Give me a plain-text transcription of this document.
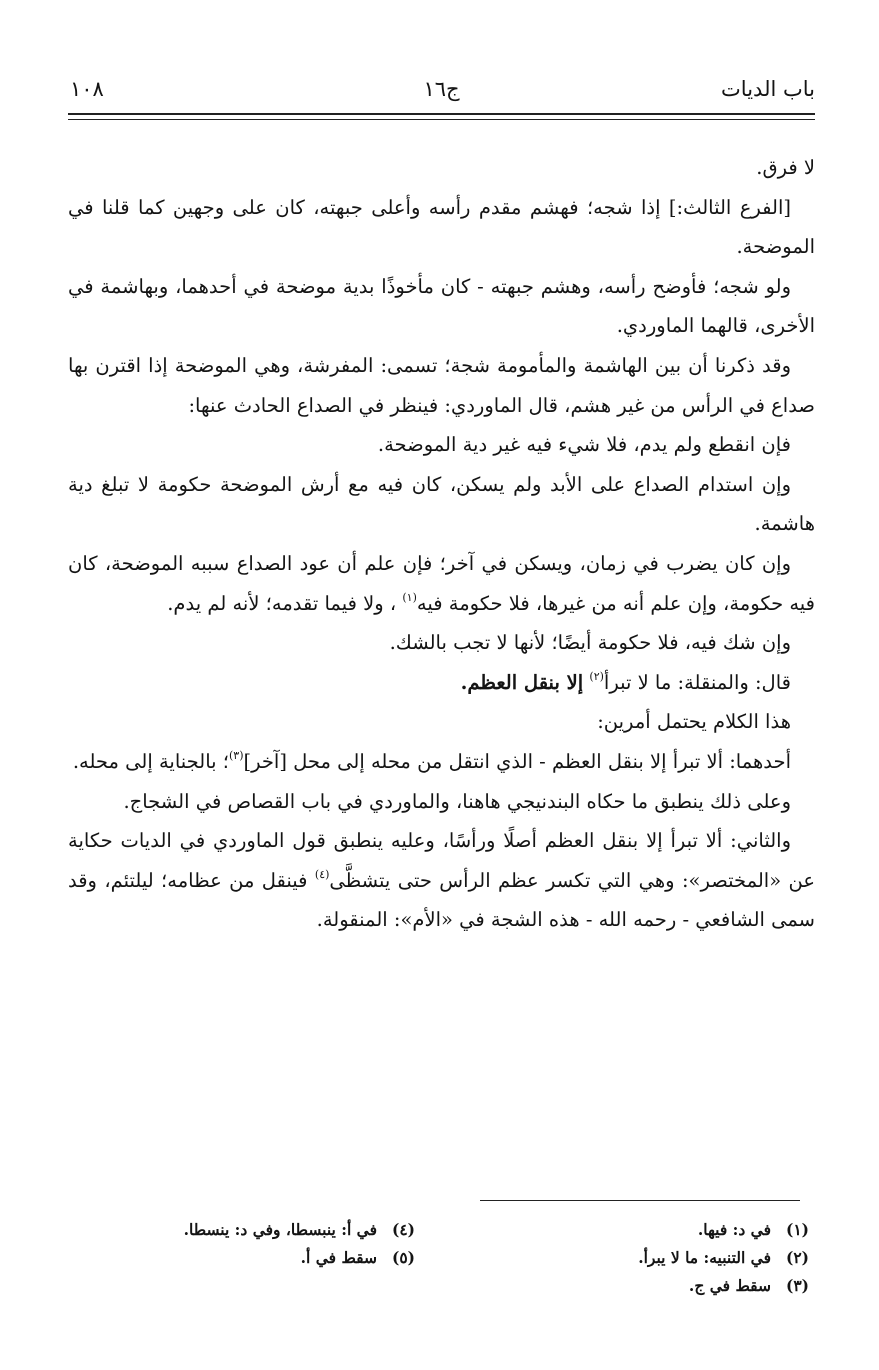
باب الديات
ج١٦
١٠٨

لا فرق.

[الفرع الثالث:] إذا شجه؛ فهشم مقدم رأسه وأعلى جبهته، كان على وجهين كما قلنا في الموضحة.

ولو شجه؛ فأوضح رأسه، وهشم جبهته - كان مأخوذًا بدية موضحة في أحدهما، وبهاشمة في الأخرى، قالهما الماوردي.

وقد ذكرنا أن بين الهاشمة والمأمومة شجة؛ تسمى: المفرشة، وهي الموضحة إذا اقترن بها صداع في الرأس من غير هشم، قال الماوردي: فينظر في الصداع الحادث عنها:

فإن انقطع ولم يدم، فلا شيء فيه غير دية الموضحة.

وإن استدام الصداع على الأبد ولم يسكن، كان فيه مع أرش الموضحة حكومة لا تبلغ دية هاشمة.

وإن كان يضرب في زمان، ويسكن في آخر؛ فإن علم أن عود الصداع سببه الموضحة، كان فيه حكومة، وإن علم أنه من غيرها، فلا حكومة فيه$^{(١)}$ ، ولا فيما تقدمه؛ لأنه لم يدم.

وإن شك فيه، فلا حكومة أيضًا؛ لأنها لا تجب بالشك.

قال: والمنقلة: ما لا تبرأ$^{(٢)}$ إلا بنقل العظم.

هذا الكلام يحتمل أمرين:

أحدهما: ألا تبرأ إلا بنقل العظم - الذي انتقل من محله إلى محل [آخر]$^{(٣)}$؛ بالجناية إلى محله.

وعلى ذلك ينطبق ما حكاه البندنيجي هاهنا، والماوردي في باب القصاص في الشجاج.

والثاني: ألا تبرأ إلا بنقل العظم أصلًا ورأسًا، وعليه ينطبق قول الماوردي في الديات حكاية عن «المختصر»: وهي التي تكسر عظم الرأس حتى يتشظَّى$^{(٤)}$ فينقل من عظامه؛ ليلتئم، وقد سمى الشافعي - رحمه الله - هذه الشجة في «الأم»: المنقولة.

(١)في د: فيها.
(٢)في التنبيه: ما لا يبرأ.
(٣)سقط في ج.
(٤)في أ: ينبسطا، وفي د: ينسطا.
(٥)سقط في أ.
